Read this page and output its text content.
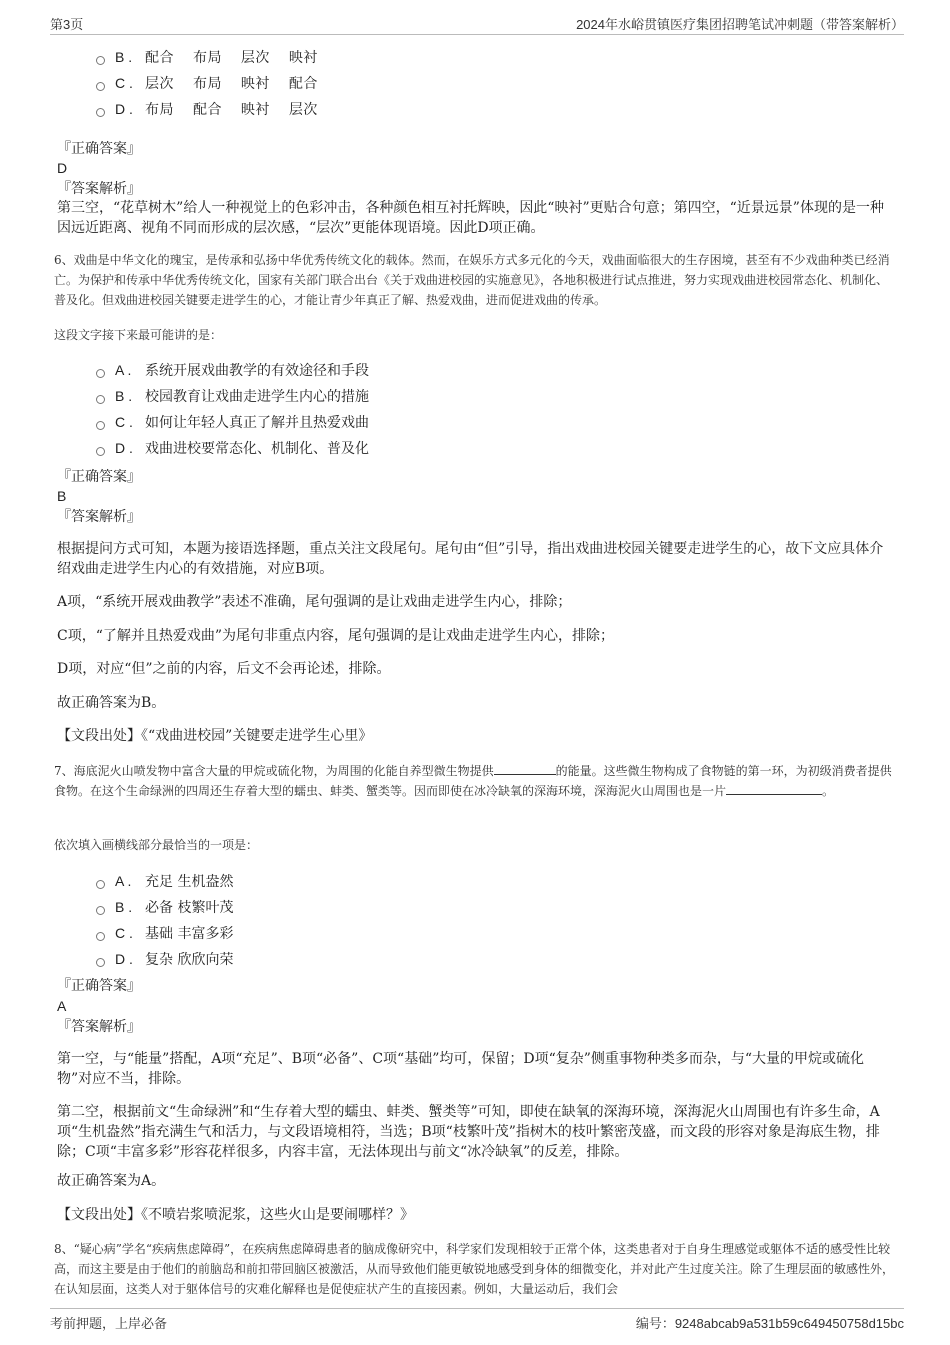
第3页	2024年水峪贯镇医疗集团招聘笔试冲刺题（带答案解析）
B . 配合 布局 层次 映衬
C . 层次 布局 映衬 配合
D . 布局 配合 映衬 层次
『正确答案』
D
『答案解析』
第三空，“花草树木”给人一种视觉上的色彩冲击，各种颜色相互衬托辉映，因此“映衬”更贴合句意；第四空，“近景远景”体现的是一种因远近距离、视角不同而形成的层次感，“层次”更能体现语境。因此D项正确。
6、戏曲是中华文化的瑰宝，是传承和弘扬中华优秀传统文化的载体。然而，在娱乐方式多元化的今天，戏曲面临很大的生存困境，甚至有不少戏曲种类已经消亡。为保护和传承中华优秀传统文化，国家有关部门联合出台《关于戏曲进校园的实施意见》，各地积极进行试点推进，努力实现戏曲进校园常态化、机制化、普及化。但戏曲进校园关键要走进学生的心，才能让青少年真正了解、热爱戏曲，进而促进戏曲的传承。
这段文字接下来最可能讲的是：
A . 系统开展戏曲教学的有效途径和手段
B . 校园教育让戏曲走进学生内心的措施
C . 如何让年轻人真正了解并且热爱戏曲
D . 戏曲进校要常态化、机制化、普及化
『正确答案』
B
『答案解析』
根据提问方式可知，本题为接语选择题，重点关注文段尾句。尾句由“但”引导，指出戏曲进校园关键要走进学生的心，故下文应具体介绍戏曲走进学生内心的有效措施，对应B项。
A项，“系统开展戏曲教学”表述不准确，尾句强调的是让戏曲走进学生内心，排除；
C项，“了解并且热爱戏曲”为尾句非重点内容，尾句强调的是让戏曲走进学生内心，排除；
D项，对应“但”之前的内容，后文不会再论述，排除。
故正确答案为B。
【文段出处】《“戏曲进校园”关键要走进学生心里》
7、海底泥火山喷发物中富含大量的甲烷或硫化物，为周围的化能自养型微生物提供	的能量。这些微生物构成了食物链的第一环，为初级消费者提供食物。在这个生命绿洲的四周还生存着大型的蠕虫、蚌类、蟹类等。因而即使在冰冷缺氧的深海环境，深海泥火山周围也是一片	。
依次填入画横线部分最恰当的一项是：
A . 充足 生机盎然
B . 必备 枝繁叶茂
C . 基础 丰富多彩
D . 复杂 欣欣向荣
『正确答案』
A
『答案解析』
第一空，与“能量”搭配，A项“充足”、B项“必备”、C项“基础”均可，保留；D项“复杂”侧重事物种类多而杂，与“大量的甲烷或硫化物”对应不当，排除。
第二空，根据前文“生命绿洲”和“生存着大型的蠕虫、蚌类、蟹类等”可知，即使在缺氧的深海环境，深海泥火山周围也有许多生命，A项“生机盎然”指充满生气和活力，与文段语境相符，当选；B项“枝繁叶茂”指树木的枝叶繁密茂盛，而文段的形容对象是海底生物，排除；C项“丰富多彩”形容花样很多，内容丰富，无法体现出与前文“冰冷缺氧”的反差，排除。
故正确答案为A。
【文段出处】《不喷岩浆喷泥浆，这些火山是要闹哪样？》
8、“疑心病”学名“疾病焦虑障碍”，在疾病焦虑障碍患者的脑成像研究中，科学家们发现相较于正常个体，这类患者对于自身生理感觉或躯体不适的感受性比较高，而这主要是由于他们的前脑岛和前扣带回脑区被激活，从而导致他们能更敏锐地感受到身体的细微变化，并对此产生过度关注。除了生理层面的敏感性外，在认知层面，这类人对于躯体信号的灾难化解释也是促使症状产生的直接因素。例如，大量运动后，我们会
考前押题，上岸必备	编号：9248abcab9a531b59c649450758d15bc
